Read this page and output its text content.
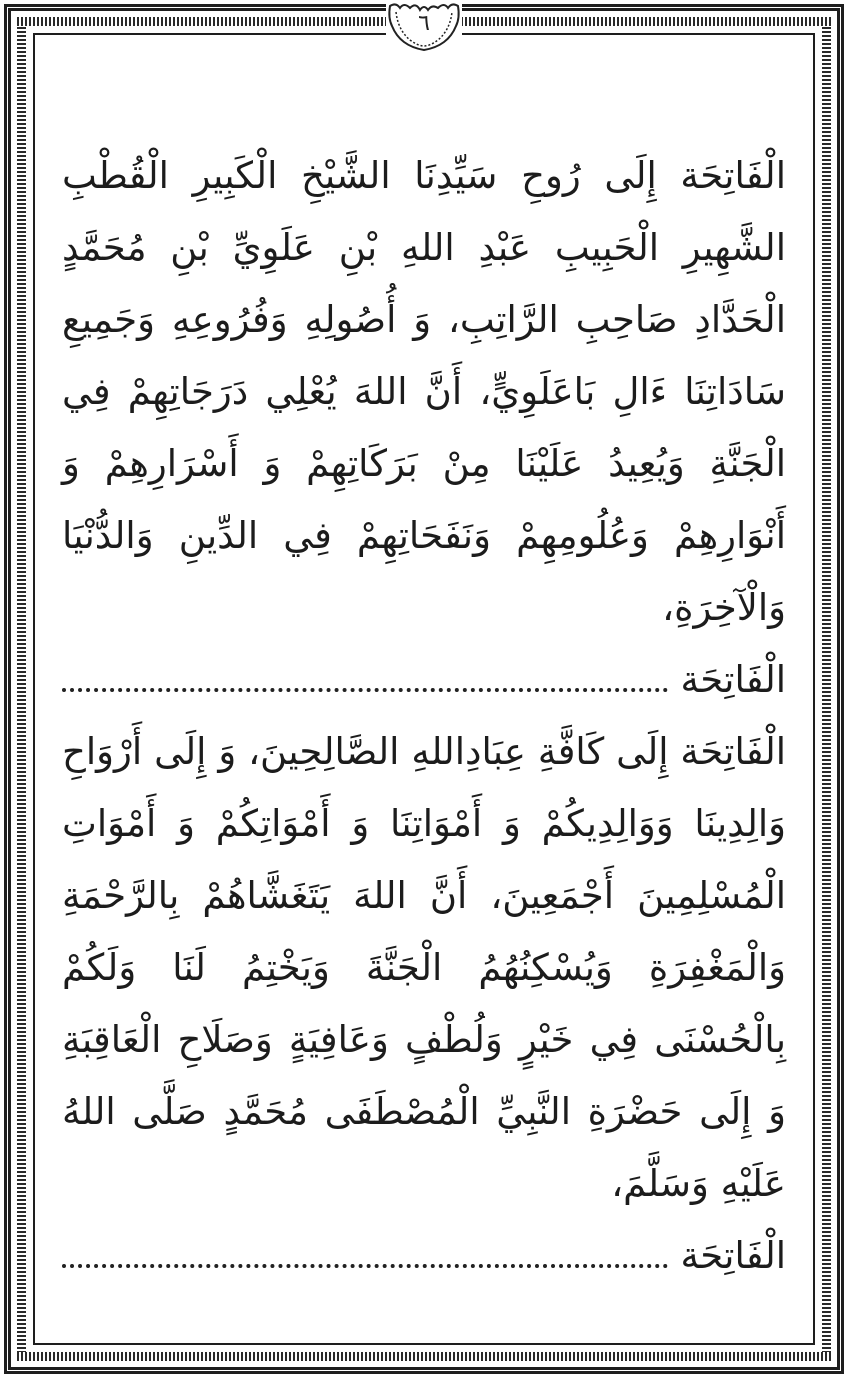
٦

الْفَاتِحَة إِلَى رُوحِ سَيِّدِنَا الشَّيْخِ الْكَبِيرِ الْقُطْبِ الشَّهِيرِ الْحَبِيبِ عَبْدِ اللهِ بْنِ عَلَوِيِّ بْنِ مُحَمَّدٍ الْحَدَّادِ صَاحِبِ الرَّاتِبِ، وَ أُصُولِهِ وَفُرُوعِهِ وَجَمِيعِ سَادَاتِنَا ءَالِ بَاعَلَوِيٍّ، أَنَّ اللهَ يُعْلِي دَرَجَاتِهِمْ فِي الْجَنَّةِ وَيُعِيدُ عَلَيْنَا مِنْ بَرَكَاتِهِمْ وَ أَسْرَارِهِمْ وَ أَنْوَارِهِمْ وَعُلُومِهِمْ وَنَفَحَاتِهِمْ فِي الدِّينِ وَالدُّنْيَا وَالْآخِرَةِ،

الْفَاتِحَة

الْفَاتِحَة إِلَى كَافَّةِ عِبَادِاللهِ الصَّالِحِينَ، وَ إِلَى أَرْوَاحِ وَالِدِينَا وَوَالِدِيكُمْ وَ أَمْوَاتِنَا وَ أَمْوَاتِكُمْ وَ أَمْوَاتِ الْمُسْلِمِينَ أَجْمَعِينَ، أَنَّ اللهَ يَتَغَشَّاهُمْ بِالرَّحْمَةِ وَالْمَغْفِرَةِ وَيُسْكِنُهُمُ الْجَنَّةَ وَيَخْتِمُ لَنَا وَلَكُمْ بِالْحُسْنَى فِي خَيْرٍ وَلُطْفٍ وَعَافِيَةٍ وَصَلَاحِ الْعَاقِبَةِ وَ إِلَى حَضْرَةِ النَّبِيِّ الْمُصْطَفَى مُحَمَّدٍ صَلَّى اللهُ عَلَيْهِ وَسَلَّمَ،

الْفَاتِحَة
